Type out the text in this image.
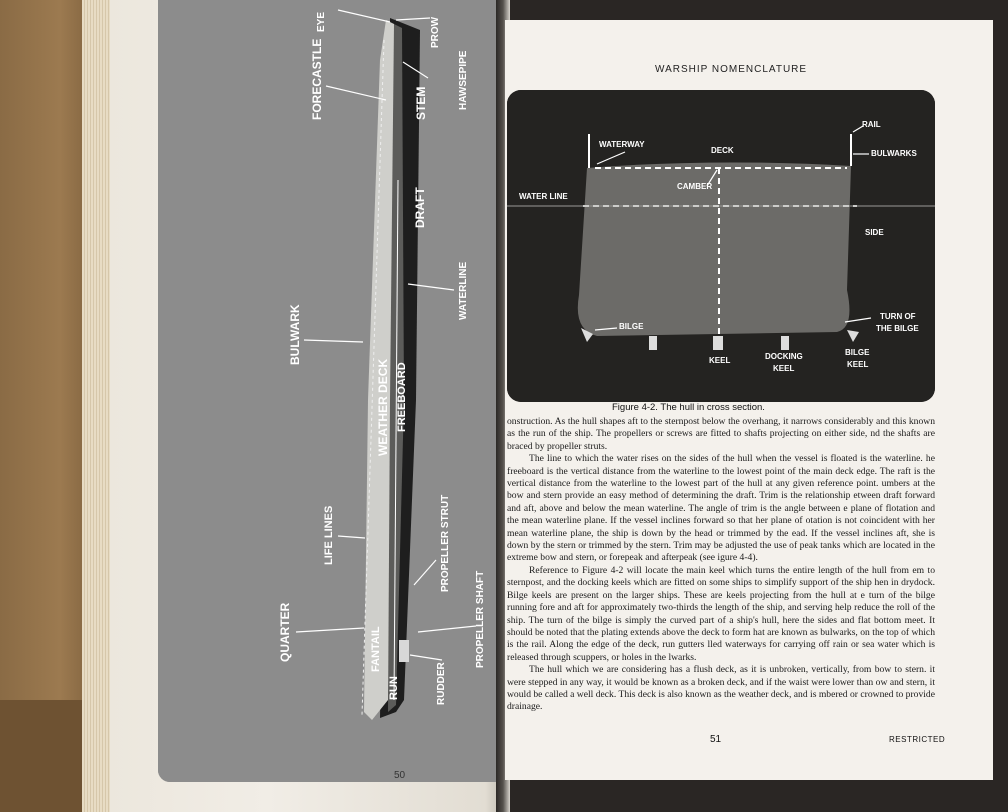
EYE	PROW
HAWSEPIPE
FORECASTLE	STEM
DRAFT
WATERLINE
BULWARK
WEATHER DECK FREEBOARD
LIFE LINES	PROPELLER STRUT
QUARTER	FANTAIL
RUN	RUDDER
PROPELLER SHAFT
50
WARSHIP NOMENCLATURE
RAIL
WATERWAY
DECK	BULWARKS
CAMBER
WATER LINE
SIDE
TURN OF
THE BILGE
BILGE
KEEL	DOCKING
KEEL
BILGE
KEEL
Figure 4-2. The hull in cross section.

onstruction. As the hull shapes aft to the sternpost below the overhang, it narrows considerably and this known as the run of the ship. The propellers or screws are fitted to shafts projecting on either side, nd the shafts are braced by propeller struts.

The line to which the water rises on the sides of the hull when the vessel is floated is the waterline. he freeboard is the vertical distance from the waterline to the lowest point of the main deck edge. The raft is the vertical distance from the waterline to the lowest part of the hull at any given reference point. umbers at the bow and stern provide an easy method of determining the draft. Trim is the relationship etween draft forward and aft, above and below the mean waterline. The angle of trim is the angle between e plane of flotation and the mean waterline plane. If the vessel inclines forward so that her plane of otation is not coincident with her mean waterline plane, the ship is down by the head or trimmed by the ead. If the vessel inclines aft, she is down by the stern or trimmed by the stern. Trim may be adjusted the use of peak tanks which are located in the extreme bow and stern, or forepeak and afterpeak (see igure 4-4).

Reference to Figure 4-2 will locate the main keel which turns the entire length of the hull from em to sternpost, and the docking keels which are fitted on some ships to simplify support of the ship hen in drydock. Bilge keels are present on the larger ships. These are keels projecting from the hull at e turn of the bilge running fore and aft for approximately two-thirds the length of the ship, and serving help reduce the roll of the ship. The turn of the bilge is simply the curved part of a ship's hull, here the sides and flat bottom meet. It should be noted that the plating extends above the deck to form hat are known as bulwarks, on the top of which is the rail. Along the edge of the deck, run gutters lled waterways for carrying off rain or sea water which is released through scuppers, or holes in the lwarks.

The hull which we are considering has a flush deck, as it is unbroken, vertically, from bow to stern. it were stepped in any way, it would be known as a broken deck, and if the waist were lower than ow and stern, it would be called a well deck. This deck is also known as the weather deck, and is mbered or crowned to provide drainage.

51	RESTRICTED
